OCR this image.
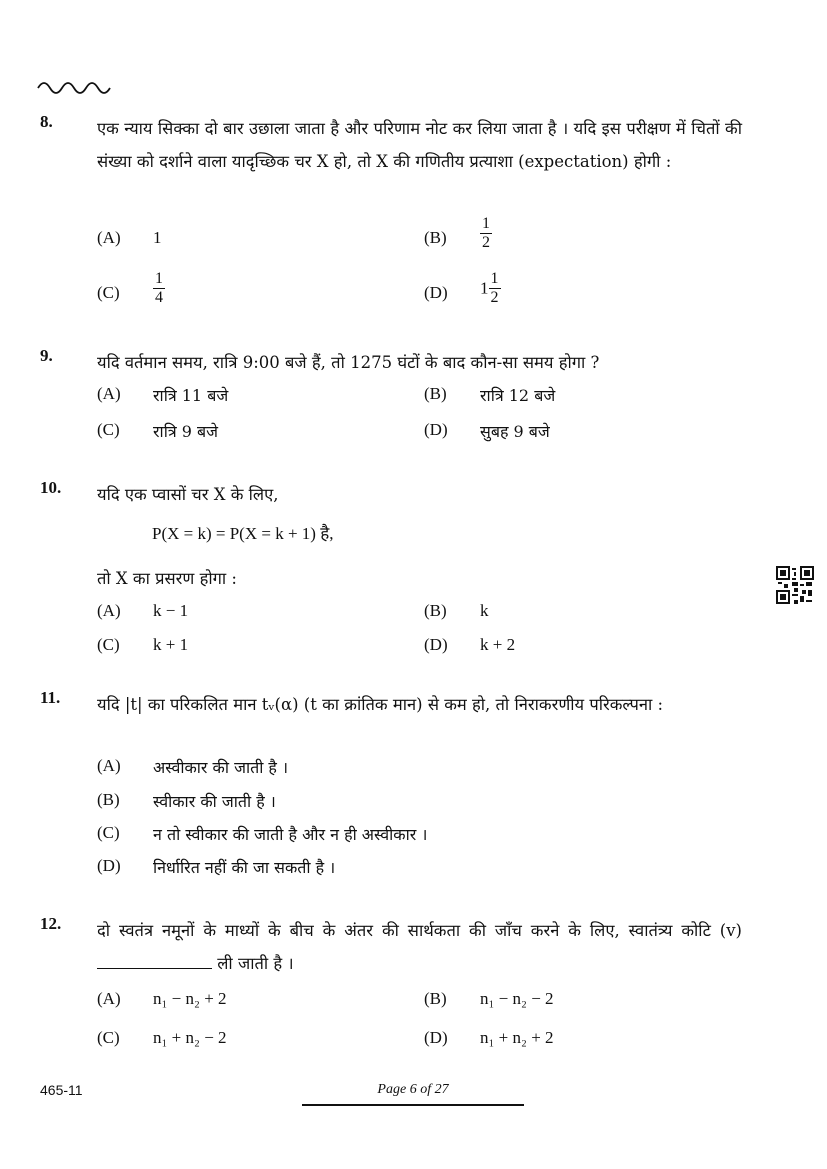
8.	एक न्याय सिक्का दो बार उछाला जाता है और परिणाम नोट कर लिया जाता है । यदि इस परीक्षण में चितों की संख्या को दर्शाने वाला यादृच्छिक चर X हो, तो X की गणितीय प्रत्याशा (expectation) होगी :
(A) 1	$(B) \frac{1}{2}$
$(C) \frac{1}{4}$	(D) $1 \frac{1}{2}$
9.	यदि वर्तमान समय, रात्रि 9:00 बजे हैं, तो 1275 घंटों के बाद कौन-सा समय होगा ?
(A) रात्रि 11 बजे	(B) रात्रि 12 बजे
(C) रात्रि 9 बजे	(D) सुबह 9 बजे
10. यदि एक प्वासों चर X के लिए,
P(X = k) = P(X = k + 1) है,
तो X का प्रसरण होगा :
(A) k − 1	(B) k
(C) k + 1	(D) k + 2
11. यदि |t| का परिकलित मान tᵥ(α) (t का क्रांतिक मान) से कम हो, तो निराकरणीय परिकल्पना :
(A) अस्वीकार की जाती है ।
(B) स्वीकार की जाती है ।
(C) न तो स्वीकार की जाती है और न ही अस्वीकार ।
(D) निर्धारित नहीं की जा सकती है ।
12. दो स्वतंत्र नमूनों के माध्यों के बीच के अंतर की सार्थकता की जाँच करने के लिए, स्वातंत्र्य कोटि (v)  ली जाती है ।
(A) n₁ − n₂ + 2	(B) n₁ − n₂ − 2
(C) n₁ + n₂ − 2	(D) n₁ + n₂ + 2
465-11	Page 6 of 27
